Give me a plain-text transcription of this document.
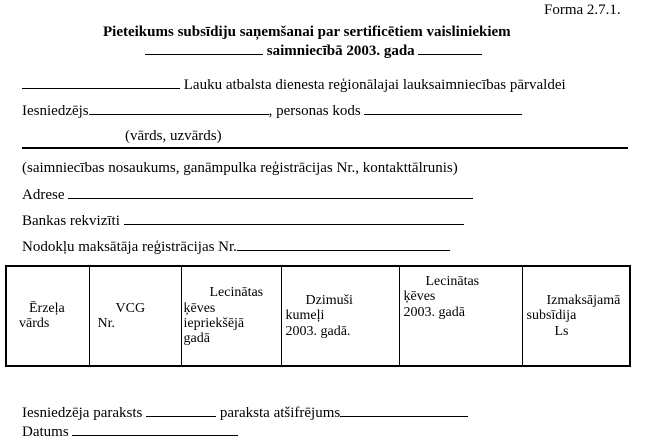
Forma 2.7.1.
Pieteikums subsīdiju saņemšanai par sertificētiem vaisliniekiem
saimniecībā 2003. gada
Lauku atbalsta dienesta reģionālajai lauksaimniecības pārvaldei
Iesniedzējs	, personas kods
(vārds, uzvārds)
(saimniecības nosaukums, ganāmpulka reģistrācijas Nr., kontakttālrunis)
Adrese
Bankas rekvizīti
Nodokļu maksātāja reģistrācijas Nr.
Ērzeļa
vārds

VCG
Nr.

Lecinātas
ķēves
iepriekšējā
gadā

Dzimuši
kumeļi
2003. gadā.

Lecinātas
ķēves
2003. gadā

Izmaksājamā
subsīdija
Ls
Iesniedzēja paraksts	paraksta atšifrējums
Datums
